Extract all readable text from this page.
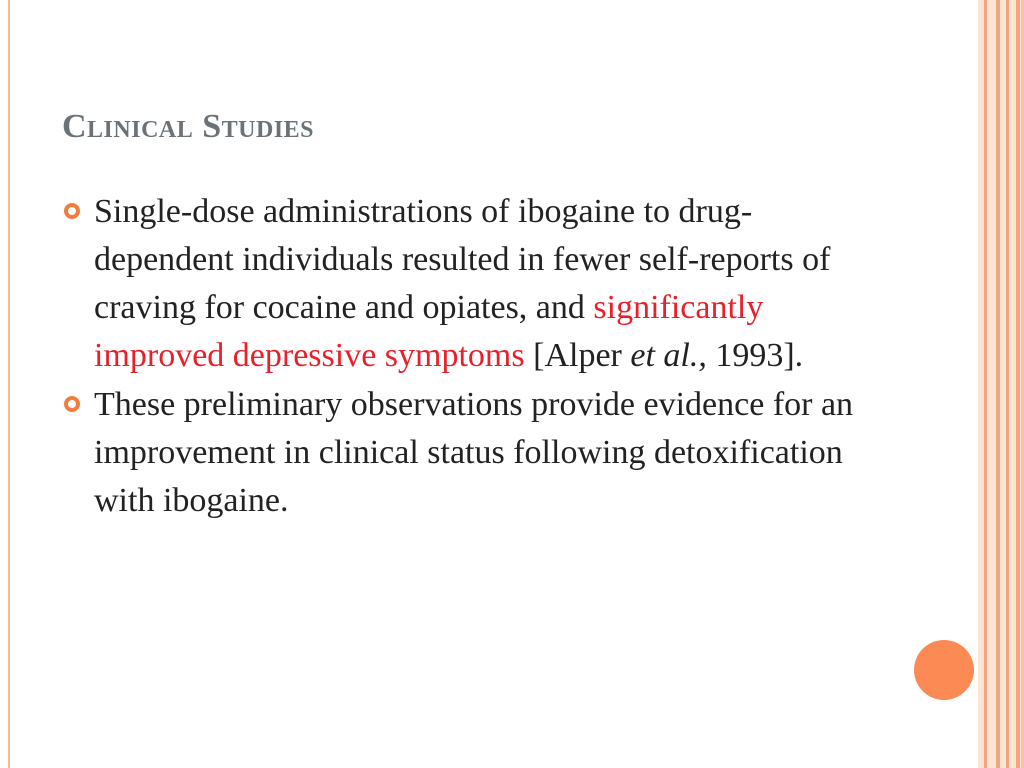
Clinical Studies
Single-dose administrations of ibogaine to drug-dependent individuals resulted in fewer self-reports of craving for cocaine and opiates, and significantly improved depressive symptoms [Alper et al., 1993].
These preliminary observations provide evidence for an improvement in clinical status following detoxification with ibogaine.
